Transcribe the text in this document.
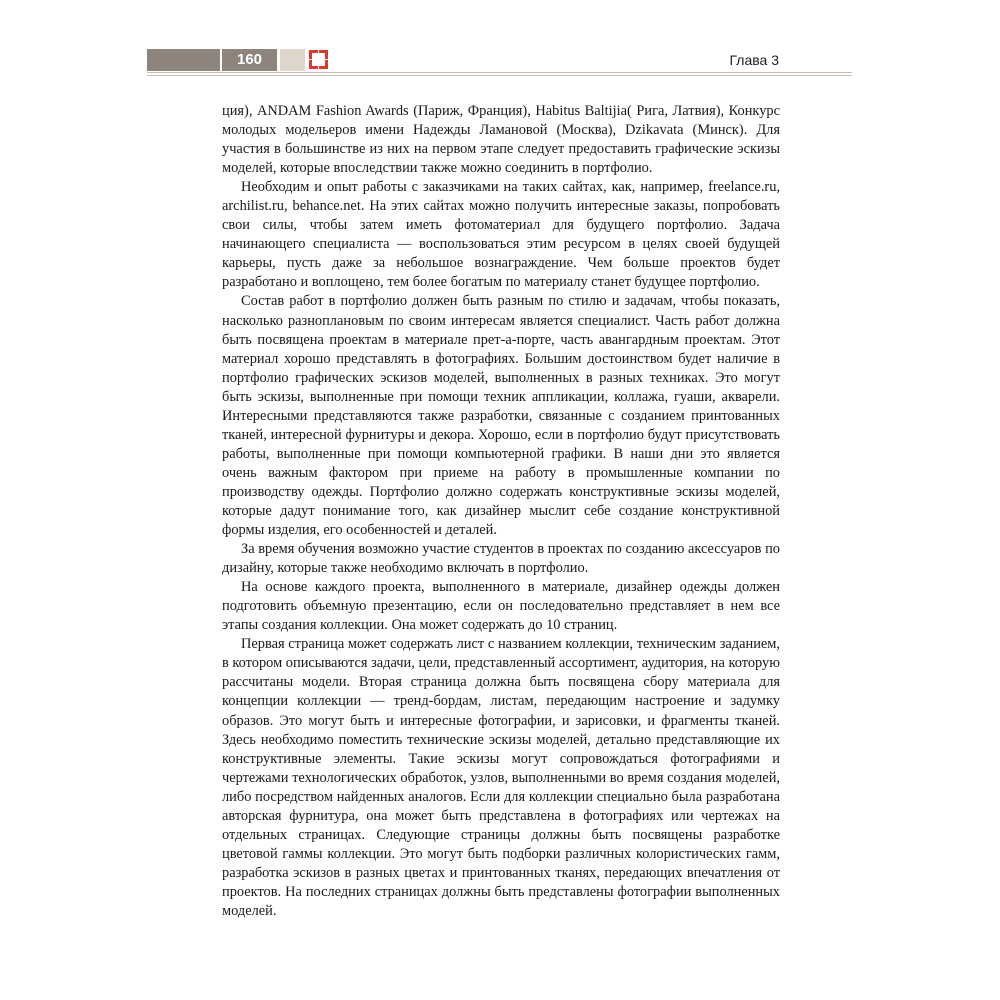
160	Глава 3

ция), ANDAM Fashion Awards (Париж, Франция), Habitus Baltijia( Рига, Латвия), Конкурс молодых модельеров имени Надежды Ламановой (Москва), Dzikavata (Минск). Для участия в большинстве из них на первом этапе следует предоставить графические эскизы моделей, которые впоследствии также можно соединить в портфолио.

Необходим и опыт работы с заказчиками на таких сайтах, как, например, freelance.ru, archilist.ru, behance.net. На этих сайтах можно получить интересные заказы, попробовать свои силы, чтобы затем иметь фотоматериал для будущего портфолио. Задача начинающего специалиста — воспользоваться этим ресурсом в целях своей будущей карьеры, пусть даже за небольшое вознаграждение. Чем больше проектов будет разработано и воплощено, тем более богатым по материалу станет будущее портфолио.

Состав работ в портфолио должен быть разным по стилю и задачам, чтобы показать, насколько разноплановым по своим интересам является специалист. Часть работ должна быть посвящена проектам в материале прет-а-порте, часть авангардным проектам. Этот материал хорошо представлять в фотографиях. Большим достоинством будет наличие в портфолио графических эскизов моделей, выполненных в разных техниках. Это могут быть эскизы, выполненные при помощи техник аппликации, коллажа, гуаши, акварели. Интересными представляются также разработки, связанные с созданием принтованных тканей, интересной фурнитуры и декора. Хорошо, если в портфолио будут присутствовать работы, выполненные при помощи компьютерной графики. В наши дни это является очень важным фактором при приеме на работу в промышленные компании по производству одежды. Портфолио должно содержать конструктивные эскизы моделей, которые дадут понимание того, как дизайнер мыслит себе создание конструктивной формы изделия, его особенностей и деталей.

За время обучения возможно участие студентов в проектах по созданию аксессуаров по дизайну, которые также необходимо включать в портфолио.

На основе каждого проекта, выполненного в материале, дизайнер одежды должен подготовить объемную презентацию, если он последовательно представляет в нем все этапы создания коллекции. Она может содержать до 10 страниц.

Первая страница может содержать лист с названием коллекции, техническим заданием, в котором описываются задачи, цели, представленный ассортимент, аудитория, на которую рассчитаны модели. Вторая страница должна быть посвящена сбору материала для концепции коллекции — тренд-бордам, листам, передающим настроение и задумку образов. Это могут быть и интересные фотографии, и зарисовки, и фрагменты тканей. Здесь необходимо поместить технические эскизы моделей, детально представляющие их конструктивные элементы. Такие эскизы могут сопровождаться фотографиями и чертежами технологических обработок, узлов, выполненными во время создания моделей, либо посредством найденных аналогов. Если для коллекции специально была разработана авторская фурнитура, она может быть представлена в фотографиях или чертежах на отдельных страницах. Следующие страницы должны быть посвящены разработке цветовой гаммы коллекции. Это могут быть подборки различных колористических гамм, разработка эскизов в разных цветах и принтованных тканях, передающих впечатления от проектов. На последних страницах должны быть представлены фотографии выполненных моделей.
